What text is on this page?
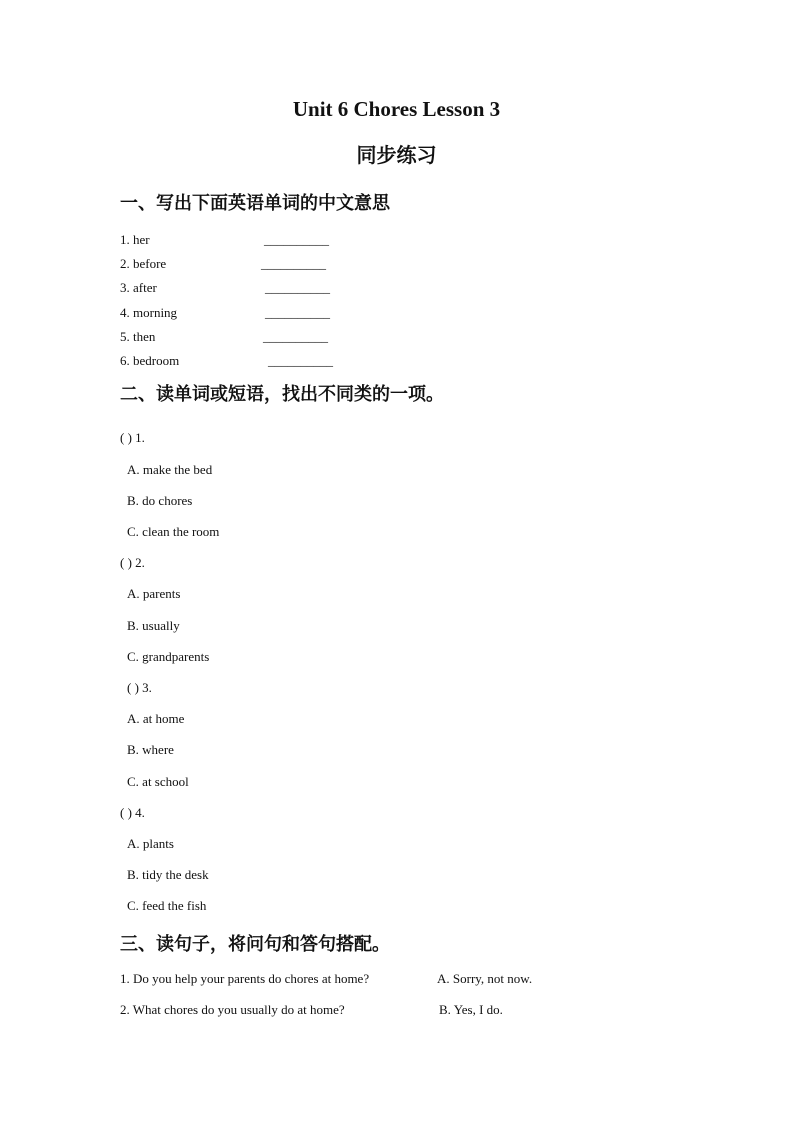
Unit 6 Chores Lesson 3
同步练习
一、写出下面英语单词的中文意思
1. her	__________
2. before	__________
3. after	__________
4. morning	__________
5. then	__________
6. bedroom	__________
二、读单词或短语，找出不同类的一项。
( ) 1.
A. make the bed
B. do chores
C. clean the room
( ) 2.
A. parents
B. usually
C. grandparents
( ) 3.
A. at home
B. where
C. at school
( ) 4.
A. plants
B. tidy the desk
C. feed the fish
三、读句子，将问句和答句搭配。
1. Do you help your parents do chores at home?	A. Sorry, not now.
2. What chores do you usually do at home?	B. Yes, I do.
